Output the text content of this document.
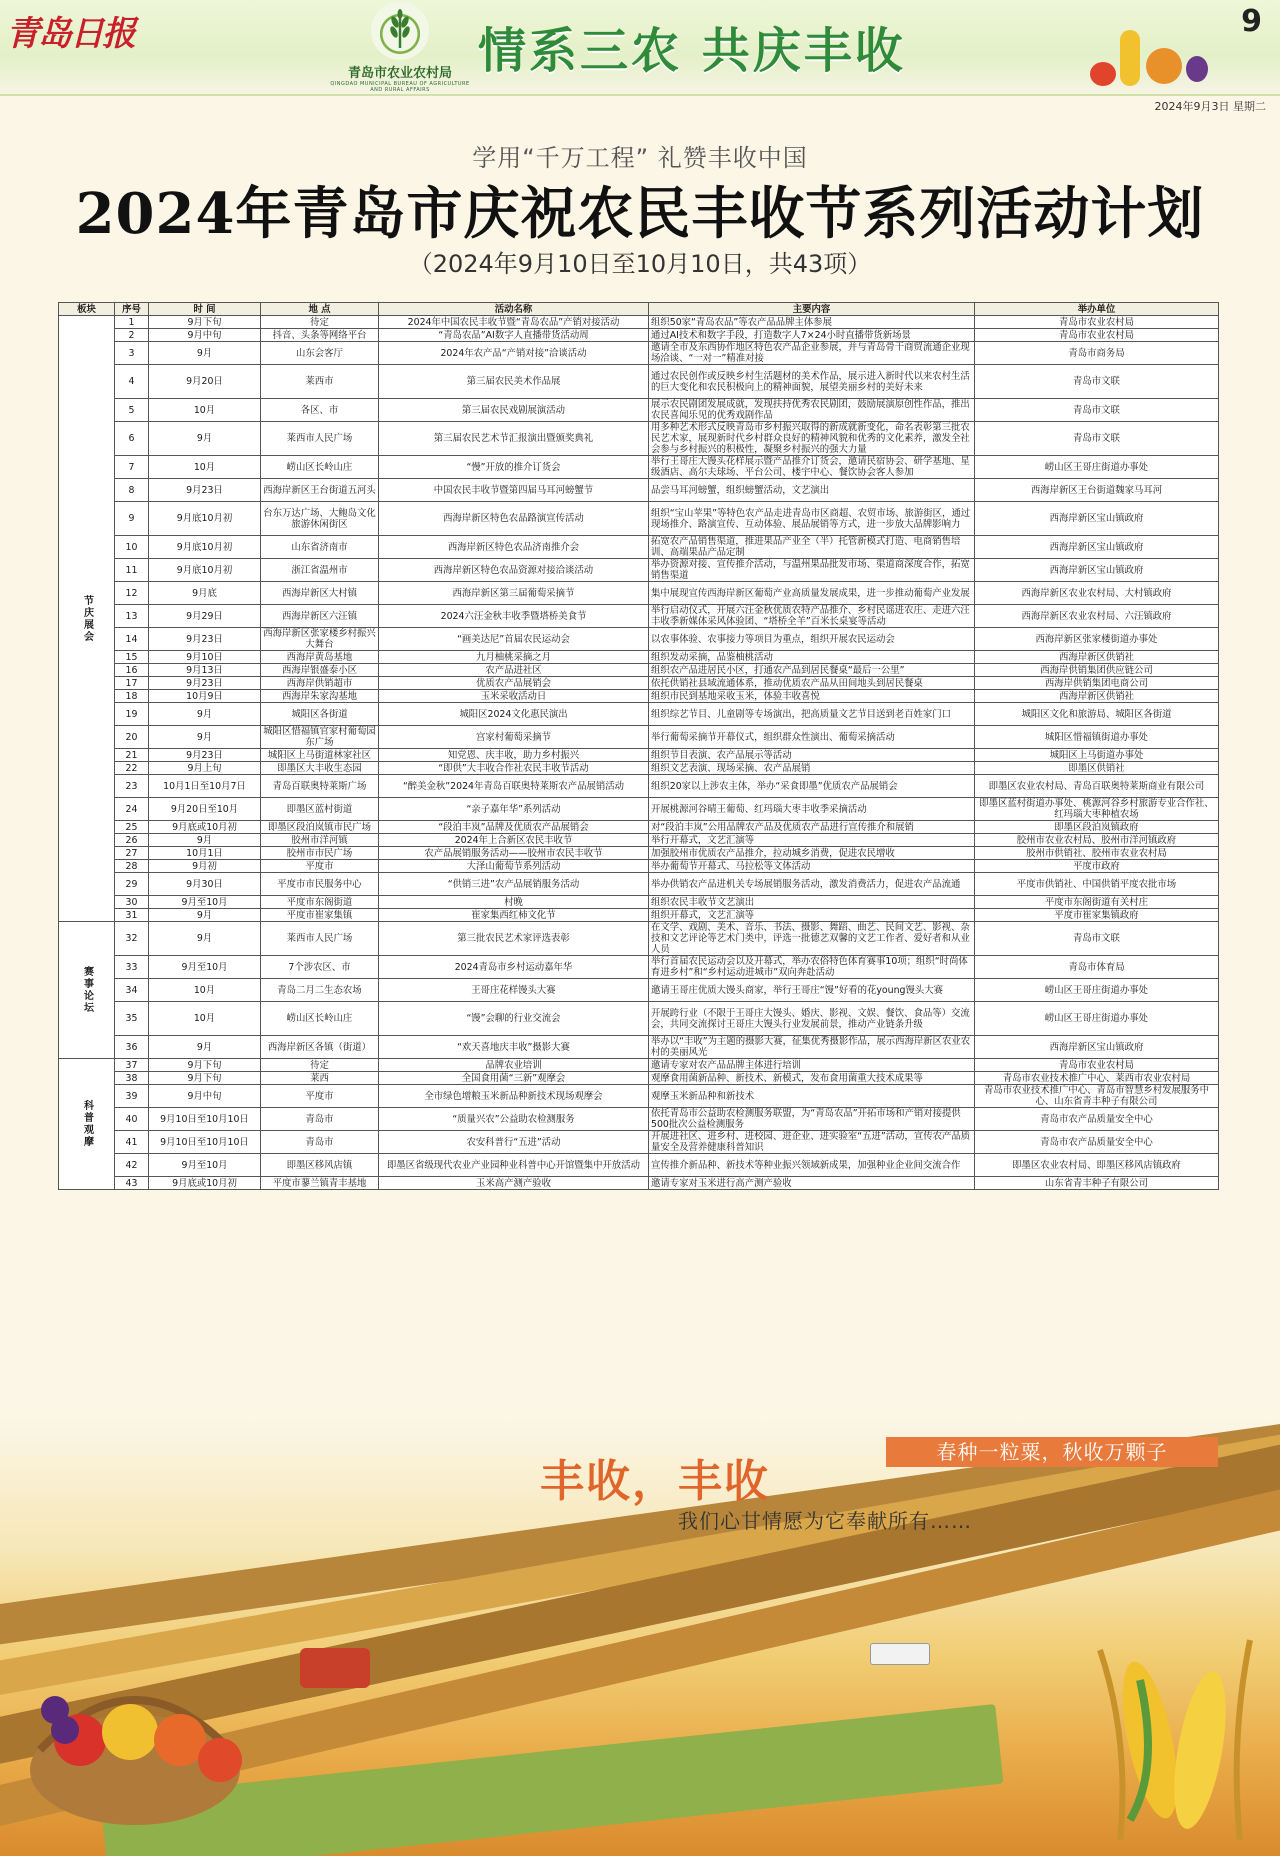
青岛日报
青岛市农业农村局
QINGDAO MUNICIPAL BUREAU OF AGRICULTURE AND RURAL AFFAIRS
情系三农 共庆丰收
9
2024年9月3日 星期二
学用“千万工程” 礼赞丰收中国
2024年青岛市庆祝农民丰收节系列活动计划
（2024年9月10日至10月10日，共43项）
板块	序号	时 间	地 点	活动名称	主要内容	举办单位
节庆展会	1	9月下旬	待定	2024年中国农民丰收节暨“青岛农品”产销对接活动	组织50家“青岛农品”等农产品品牌主体参展	青岛市农业农村局
	2	9月中旬	抖音、头条等网络平台	“青岛农品”AI数字人直播带货活动周	通过AI技术和数字手段，打造数字人7×24小时直播带货新场景	青岛市农业农村局
	3	9月	山东会客厅	2024年农产品“产销对接”洽谈活动	邀请全市及东西协作地区特色农产品企业参展，并与青岛骨干商贸流通企业现场洽谈、“一对一”精准对接	青岛市商务局
	4	9月20日	莱西市	第三届农民美术作品展	通过农民创作或反映乡村生活题材的美术作品，展示进入新时代以来农村生活的巨大变化和农民积极向上的精神面貌，展望美丽乡村的美好未来	青岛市文联
	5	10月	各区、市	第三届农民戏剧展演活动	展示农民剧团发展成就，发现扶持优秀农民剧团，鼓励展演原创性作品，推出农民喜闻乐见的优秀戏剧作品	青岛市文联
	6	9月	莱西市人民广场	第三届农民艺术节汇报演出暨颁奖典礼	用多种艺术形式反映青岛市乡村振兴取得的新成就新变化，命名表彰第三批农民艺术家，展现新时代乡村群众良好的精神风貌和优秀的文化素养，激发全社会参与乡村振兴的积极性，凝聚乡村振兴的强大力量	青岛市文联
	7	10月	崂山区长岭山庄	“慢”开放的推介订货会	举行王哥庄大馒头花样展示暨产品推介订货会，邀请民宿协会、研学基地、星级酒店、高尔夫球场、平台公司、楼宇中心、餐饮协会客人参加	崂山区王哥庄街道办事处
	8	9月23日	西海岸新区王台街道五河头	中国农民丰收节暨第四届马耳河螃蟹节	品尝马耳河螃蟹，组织螃蟹活动，文艺演出	西海岸新区王台街道魏家马耳河
	9	9月底10月初	台东万达广场、大鲍岛文化旅游休闲街区	西海岸新区特色农品路演宣传活动	组织“宝山苹果”等特色农产品走进青岛市区商超、农贸市场、旅游街区，通过现场推介、路演宣传、互动体验、展品展销等方式，进一步放大品牌影响力	西海岸新区宝山镇政府
	10	9月底10月初	山东省济南市	西海岸新区特色农品济南推介会	拓宽农产品销售渠道，推进果品产业全（半）托管新模式打造、电商销售培训、高端果品产品定制	西海岸新区宝山镇政府
	11	9月底10月初	浙江省温州市	西海岸新区特色农品资源对接洽谈活动	举办资源对接、宣传推介活动，与温州果品批发市场、渠道商深度合作，拓宽销售渠道	西海岸新区宝山镇政府
	12	9月底	西海岸新区大村镇	西海岸新区第三届葡萄采摘节	集中展现宣传西海岸新区葡萄产业高质量发展成果，进一步推动葡萄产业发展	西海岸新区农业农村局、大村镇政府
	13	9月29日	西海岸新区六汪镇	2024六汪金秋丰收季暨塔桥美食节	举行启动仪式，开展六汪金秋优质农特产品推介、乡村民谣进农庄、走进六汪丰收季新媒体采风体验团、“塔桥全羊”百米长桌宴等活动	西海岸新区农业农村局、六汪镇政府
	14	9月23日	西海岸新区张家楼乡村振兴大舞台	“画美达尼”首届农民运动会	以农事体验、农事接力等项目为重点，组织开展农民运动会	西海岸新区张家楼街道办事处
	15	9月10日	西海岸黄岛基地	九月柚桃采摘之月	组织发动采摘，品鉴柚桃活动	西海岸新区供销社
	16	9月13日	西海岸银盛泰小区	农产品进社区	组织农产品进居民小区，打通农产品到居民餐桌“最后一公里”	西海岸供销集团供应链公司
	17	9月23日	西海岸供销超市	优质农产品展销会	依托供销社县域流通体系，推动优质农产品从田间地头到居民餐桌	西海岸供销集团电商公司
	18	10月9日	西海岸朱家沟基地	玉米采收活动日	组织市民到基地采收玉米，体验丰收喜悦	西海岸新区供销社
	19	9月	城阳区各街道	城阳区2024文化惠民演出	组织综艺节目、儿童剧等专场演出，把高质量文艺节目送到老百姓家门口	城阳区文化和旅游局、城阳区各街道
	20	9月	城阳区惜福镇官家村葡萄园东广场	宫家村葡萄采摘节	举行葡萄采摘节开幕仪式，组织群众性演出、葡萄采摘活动	城阳区惜福镇街道办事处
	21	9月23日	城阳区上马街道林家社区	知党恩、庆丰收，助力乡村振兴	组织节目表演、农产品展示等活动	城阳区上马街道办事处
	22	9月上旬	即墨区大丰收生态园	“即供”大丰收合作社农民丰收节活动	组织文艺表演、现场采摘、农产品展销	即墨区供销社
	23	10月1日至10月7日	青岛百联奥特莱斯广场	“醉美金秋”2024年青岛百联奥特莱斯农产品展销活动	组织20家以上涉农主体，举办“采食即墨”优质农产品展销会	即墨区农业农村局、青岛百联奥特莱斯商业有限公司
	24	9月20日至10月	即墨区蓝村街道	“亲子嘉年华”系列活动	开展桃源河谷晴王葡萄、红玛瑙大枣丰收季采摘活动	即墨区蓝村街道办事处、桃源河谷乡村旅游专业合作社、红玛瑙大枣种植农场
	25	9月底或10月初	即墨区段泊岚镇市民广场	“段泊丰岚”品牌及优质农产品展销会	对“段泊丰岚”公用品牌农产品及优质农产品进行宣传推介和展销	即墨区段泊岚镇政府
	26	9月	胶州市洋河镇	2024年上合新区农民丰收节	举行开幕式，文艺汇演等	胶州市农业农村局、胶州市洋河镇政府
	27	10月1日	胶州市市民广场	农产品展销服务活动——胶州市农民丰收节	加强胶州市优质农产品推介，拉动城乡消费，促进农民增收	胶州市供销社、胶州市农业农村局
	28	9月初	平度市	大泽山葡萄节系列活动	举办葡萄节开幕式、马拉松等文体活动	平度市政府
	29	9月30日	平度市市民服务中心	“供销三进”农产品展销服务活动	举办供销农产品进机关专场展销服务活动，激发消费活力，促进农产品流通	平度市供销社、中国供销平度农批市场
	30	9月至10月	平度市东阁街道	村晚	组织农民丰收节文艺演出	平度市东阁街道有关村庄
	31	9月	平度市崔家集镇	崔家集西红柿文化节	组织开幕式，文艺汇演等	平度市崔家集镇政府
赛事论坛	32	9月	莱西市人民广场	第三批农民艺术家评选表彰	在文学、戏剧、美术、音乐、书法、摄影、舞蹈、曲艺、民间文艺、影视、杂技和文艺评论等艺术门类中，评选一批德艺双馨的文艺工作者、爱好者和从业人员	青岛市文联
	33	9月至10月	7个涉农区、市	2024青岛市乡村运动嘉年华	举行首届农民运动会以及开幕式，举办农俗特色体育赛事10项；组织“时尚体育进乡村”和“乡村运动进城市”双向奔赴活动	青岛市体育局
	34	10月	青岛二月二生态农场	王哥庄花样馒头大赛	邀请王哥庄优质大馒头商家，举行王哥庄“馒”好看的花young馒头大赛	崂山区王哥庄街道办事处
	35	10月	崂山区长岭山庄	“馒”会聊的行业交流会	开展跨行业（不限于王哥庄大馒头、婚庆、影视、文娱、餐饮、食品等）交流会，共同交流探讨王哥庄大馒头行业发展前景，推动产业链条升级	崂山区王哥庄街道办事处
	36	9月	西海岸新区各镇（街道）	“欢天喜地庆丰收”摄影大赛	举办以“丰收”为主题的摄影大赛，征集优秀摄影作品，展示西海岸新区农业农村的美丽风光	西海岸新区宝山镇政府
科普观摩	37	9月下旬	待定	品牌农业培训	邀请专家对农产品品牌主体进行培训	青岛市农业农村局
	38	9月下旬	莱西	全国食用菌“三新”观摩会	观摩食用菌新品种、新技术、新模式，发布食用菌重大技术成果等	青岛市农业技术推广中心、莱西市农业农村局
	39	9月中旬	平度市	全市绿色增粮玉米新品种新技术现场观摩会	观摩玉米新品种和新技术	青岛市农业技术推广中心、青岛市智慧乡村发展服务中心、山东省青丰种子有限公司
	40	9月10日至10月10日	青岛市	“质量兴农”公益助农检测服务	依托青岛市公益助农检测服务联盟，为“青岛农品”开拓市场和产销对接提供500批次公益检测服务	青岛市农产品质量安全中心
	41	9月10日至10月10日	青岛市	农安科普行“五进”活动	开展进社区、进乡村、进校园、进企业、进实验室“五进”活动，宣传农产品质量安全及营养健康科普知识	青岛市农产品质量安全中心
	42	9月至10月	即墨区移风店镇	即墨区省级现代农业产业园种业科普中心开馆暨集中开放活动	宣传推介新品种、新技术等种业振兴领域新成果，加强种业企业间交流合作	即墨区农业农村局、即墨区移风店镇政府
	43	9月底或10月初	平度市蓼兰镇青丰基地	玉米高产测产验收	邀请专家对玉米进行高产测产验收	山东省青丰种子有限公司
春种一粒粟，秋收万颗子
丰收，丰收
我们心甘情愿为它奉献所有……
